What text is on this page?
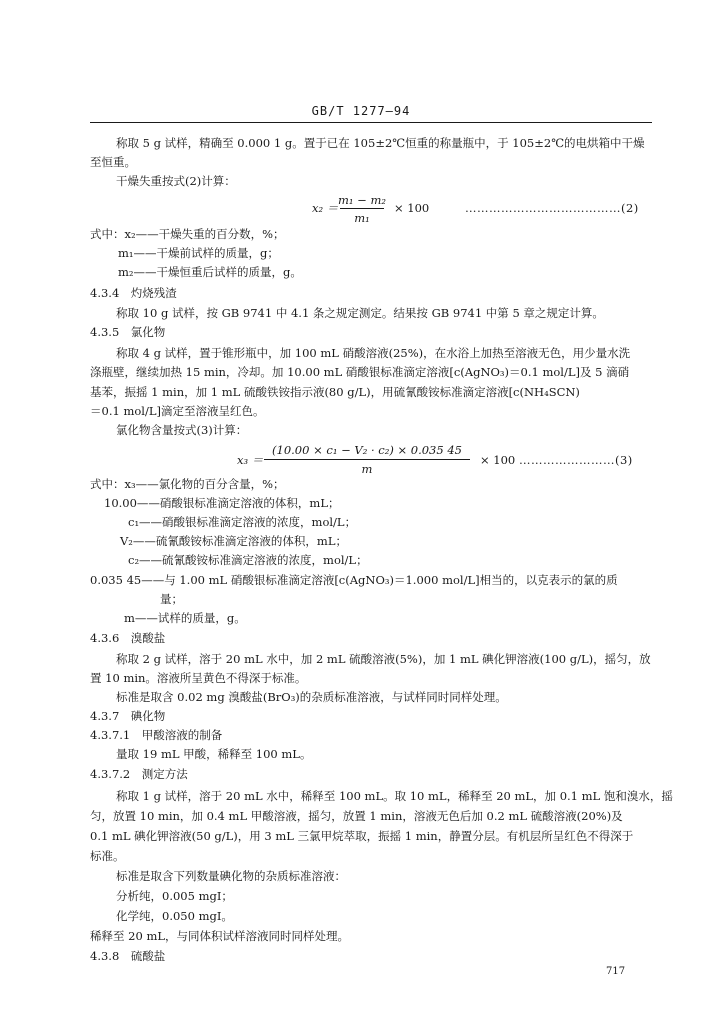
GB/T 1277—94
称取 5 g 试样，精确至 0.000 1 g。置于已在 105±2℃恒重的称量瓶中，于 105±2℃的电烘箱中干燥
至恒重。
干燥失重按式(2)计算：
x₂ ＝
m₁ − m₂
m₁
× 100	…………………………………(2)
式中：x₂——干燥失重的百分数，%；
m₁——干燥前试样的质量，g；
m₂——干燥恒重后试样的质量，g。
4.3.4　灼烧残渣
称取 10 g 试样，按 GB 9741 中 4.1 条之规定测定。结果按 GB 9741 中第 5 章之规定计算。
4.3.5　氯化物
称取 4 g 试样，置于锥形瓶中，加 100 mL 硝酸溶液(25%)，在水浴上加热至溶液无色，用少量水洗
涤瓶壁，继续加热 15 min，冷却。加 10.00 mL 硝酸银标准滴定溶液[c(AgNO₃)＝0.1 mol/L]及 5 滴硝
基苯，振摇 1 min，加 1 mL 硫酸铁铵指示液(80 g/L)，用硫氰酸铵标准滴定溶液[c(NH₄SCN)
＝0.1 mol/L]滴定至溶液呈红色。
氯化物含量按式(3)计算：
x₃ ＝
(10.00 × c₁ − V₂ · c₂) × 0.035 45
m
× 100 ……………………(3)
式中：x₃——氯化物的百分含量，%；
10.00——硝酸银标准滴定溶液的体积，mL；
c₁——硝酸银标准滴定溶液的浓度，mol/L；
V₂——硫氰酸铵标准滴定溶液的体积，mL；
c₂——硫氰酸铵标准滴定溶液的浓度，mol/L；
0.035 45——与 1.00 mL 硝酸银标准滴定溶液[c(AgNO₃)＝1.000 mol/L]相当的，以克表示的氯的质
量；
m——试样的质量，g。
4.3.6　溴酸盐
称取 2 g 试样，溶于 20 mL 水中，加 2 mL 硫酸溶液(5%)，加 1 mL 碘化钾溶液(100 g/L)，摇匀，放
置 10 min。溶液所呈黄色不得深于标准。
标准是取含 0.02 mg 溴酸盐(BrO₃)的杂质标准溶液，与试样同时同样处理。
4.3.7　碘化物
4.3.7.1　甲酸溶液的制备
量取 19 mL 甲酸，稀释至 100 mL。
4.3.7.2　测定方法
称取 1 g 试样，溶于 20 mL 水中，稀释至 100 mL。取 10 mL，稀释至 20 mL，加 0.1 mL 饱和溴水，摇
匀，放置 10 min，加 0.4 mL 甲酸溶液，摇匀，放置 1 min，溶液无色后加 0.2 mL 硫酸溶液(20%)及
0.1 mL 碘化钾溶液(50 g/L)，用 3 mL 三氯甲烷萃取，振摇 1 min，静置分层。有机层所呈红色不得深于
标准。
标准是取含下列数量碘化物的杂质标准溶液：
分析纯，0.005 mgI；
化学纯，0.050 mgI。
稀释至 20 mL，与同体积试样溶液同时同样处理。
4.3.8　硫酸盐
717
